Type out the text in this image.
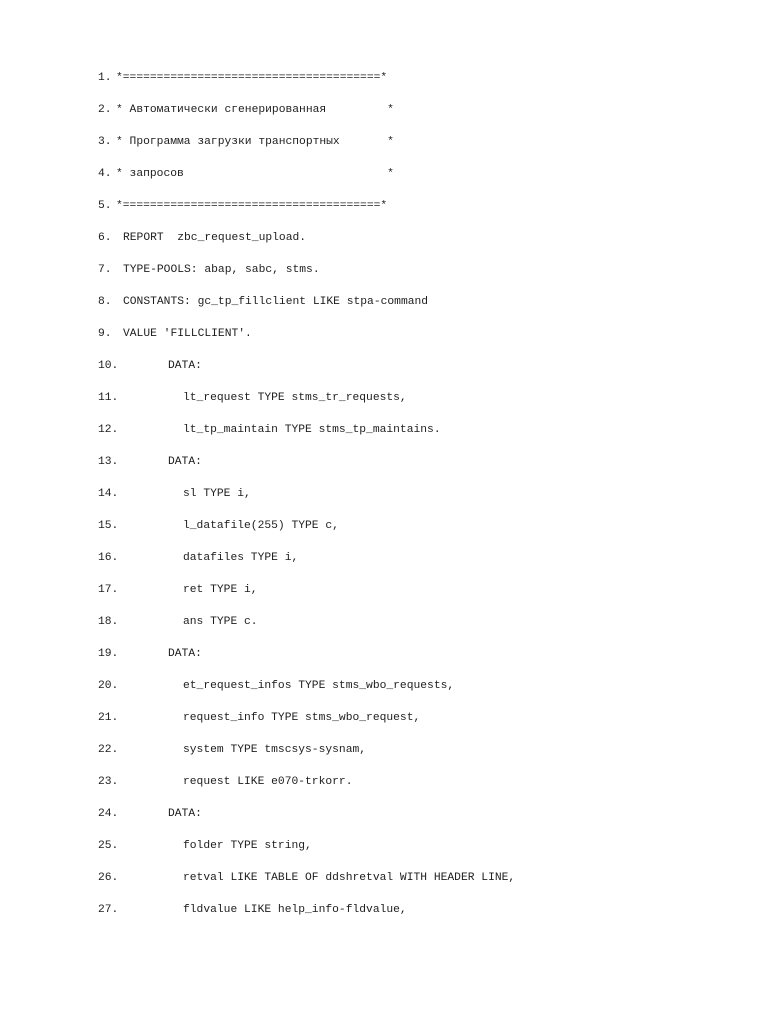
1. *======================================*
2. * Автоматически сгенерированная         *
3. * Программа загрузки транспортных       *
4. * запросов                              *
5. *======================================*
6. REPORT  zbc_request_upload.
7. TYPE-POOLS: abap, sabc, stms.
8. CONSTANTS: gc_tp_fillclient LIKE stpa-command
9. VALUE 'FILLCLIENT'.
10.	DATA:
11.	lt_request TYPE stms_tr_requests,
12.	lt_tp_maintain TYPE stms_tp_maintains.
13.	DATA:
14.	sl TYPE i,
15.	l_datafile(255) TYPE c,
16.	datafiles TYPE i,
17.	ret TYPE i,
18.	ans TYPE c.
19.	DATA:
20.	et_request_infos TYPE stms_wbo_requests,
21.	request_info TYPE stms_wbo_request,
22.	system TYPE tmscsys-sysnam,
23.	request LIKE e070-trkorr.
24.	DATA:
25.	folder TYPE string,
26.	retval LIKE TABLE OF ddshretval WITH HEADER LINE,
27.	fldvalue LIKE help_info-fldvalue,
